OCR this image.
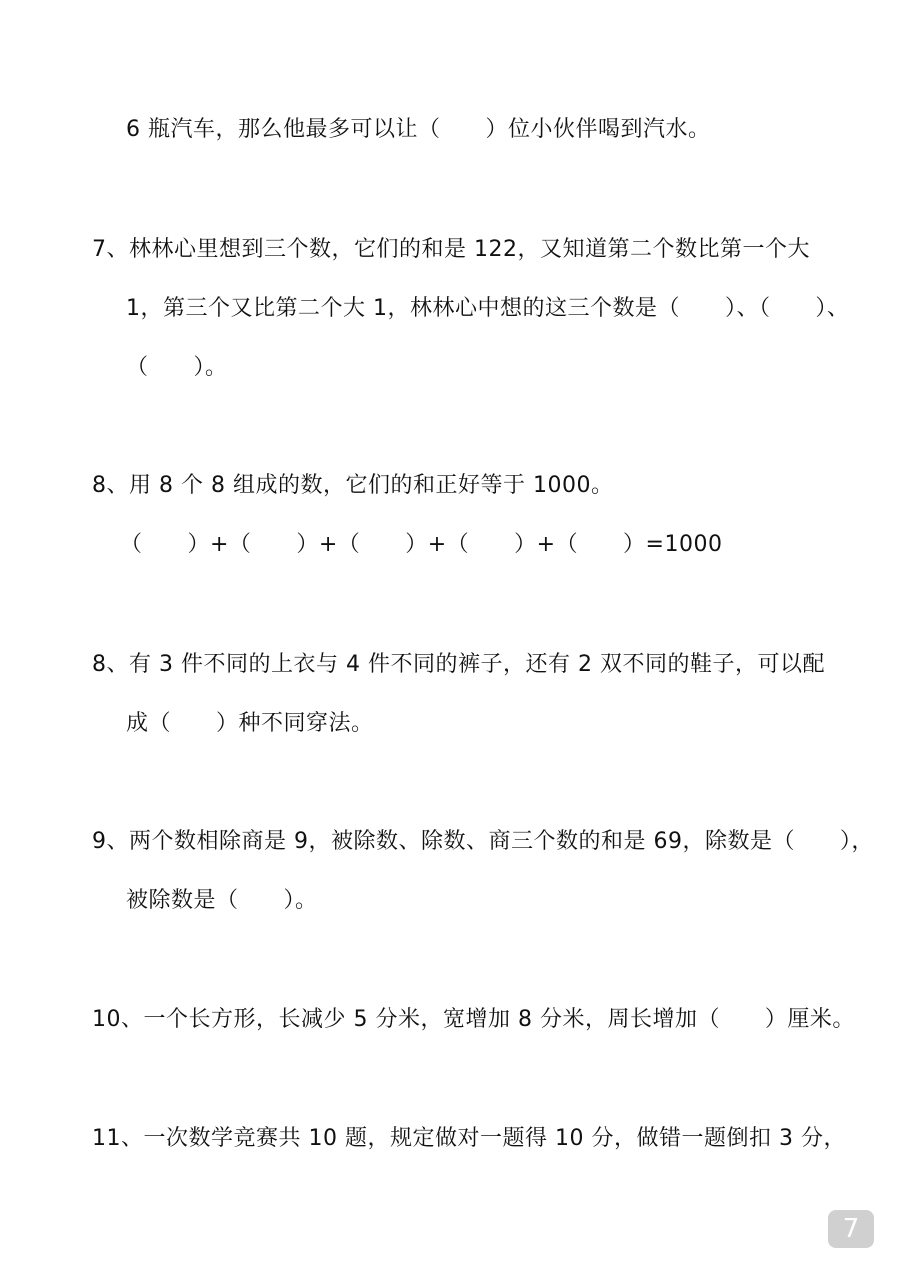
6 瓶汽车，那么他最多可以让（      ）位小伙伴喝到汽水。
7、林林心里想到三个数，它们的和是 122，又知道第二个数比第一个大
1，第三个又比第二个大 1，林林心中想的这三个数是（      ）、（      ）、
（      ）。
8、用 8 个 8 组成的数，它们的和正好等于 1000。
（      ）+（      ）+（      ）+（      ）+（      ）=1000
8、有 3 件不同的上衣与 4 件不同的裤子，还有 2 双不同的鞋子，可以配
成（      ）种不同穿法。
9、两个数相除商是 9，被除数、除数、商三个数的和是 69，除数是（      ），
被除数是（      ）。
10、一个长方形，长减少 5 分米，宽增加 8 分米，周长增加（      ）厘米。
11、一次数学竞赛共 10 题，规定做对一题得 10 分，做错一题倒扣 3 分，
7
